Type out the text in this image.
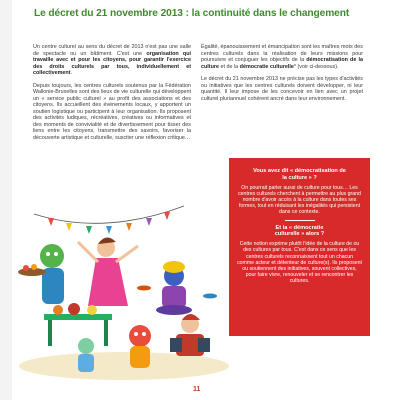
Le décret du 21 novembre 2013 : la continuité dans le changement

Un centre culturel au sens du décret de 2013 n'est pas une salle de spectacle ou un bâtiment. C'est une organisation qui travaille avec et pour les citoyens, pour garantir l'exercice des droits culturels par tous, individuellement et collectivement.

Depuis toujours, les centres culturels soutenus par la Fédération Wallonie-Bruxelles sont des lieux de vie culturelle qui développent un « service public culturel » au profit des associations et des citoyens. Ils accueillent des événements locaux, y apportent un soutien logistique ou participent à leur organisation. Ils proposent des activités ludiques, récréatives, créatives ou informatives et des moments de convivialité et de divertissement pour tisser des liens entre les citoyens, transmettre des savoirs, favoriser la découverte artistique et culturelle, susciter une réflexion critique…

Égalité, épanouissement et émancipation sont les maîtres mots des centres culturels dans la réalisation de leurs missions pour poursuivre et conjuguer les objectifs de la démocratisation de la culture et de la démocratie culturelle* (voir ci-dessous).

Le décret du 21 novembre 2013 ne précise pas les types d'activités ou initiatives que les centres culturels doivent développer, ni leur quantité. Il leur impose de les concevoir en lien avec un projet culturel pluriannuel cohérent ancré dans leur environnement.

Vous avez dit « démocratisation de la culture » ?
On pourrait parler aussi de culture pour tous… Les centres culturels cherchent à permettre au plus grand nombre d'avoir accès à la culture dans toutes ses formes, tout en réduisant les inégalités qui persistent dans ce contexte.
Et la « démocratie culturelle » alors ?
Cette notion exprime plutôt l'idée de la culture de ou des cultures par tous. C'est dans ce sens que les centres culturels reconnaissent tout un chacun comme acteur et détenteur de culture(s). Ils proposent ou soutiennent des initiatives, souvent collectives, pour faire vivre, renouveler et se rencontrer les cultures.
11
